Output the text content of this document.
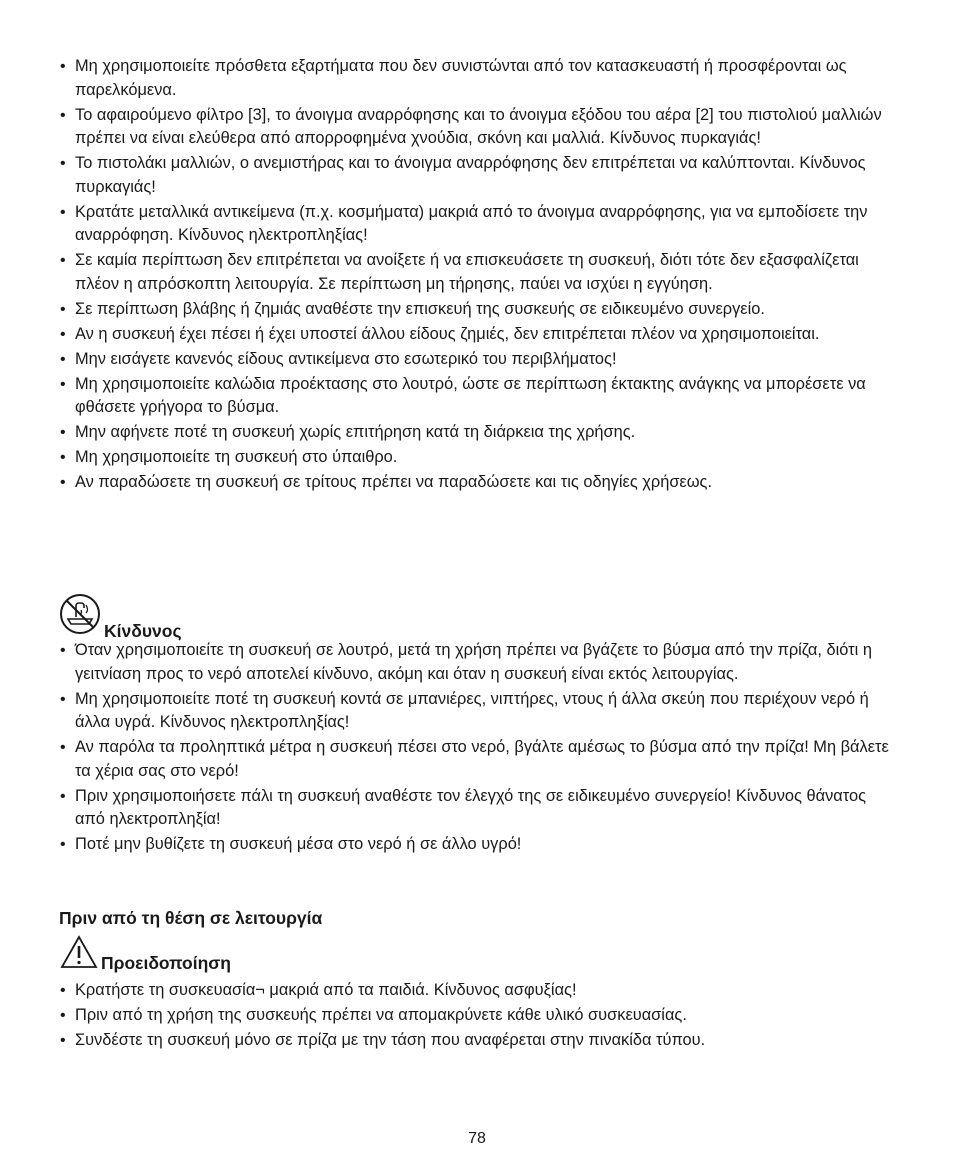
• Μη χρησιμοποιείτε πρόσθετα εξαρτήματα που δεν συνιστώνται από τον κατασκευαστή ή προσφέρονται ως παρελκόμενα.
• Το αφαιρούμενο φίλτρο [3], το άνοιγμα αναρρόφησης και το άνοιγμα εξόδου του αέρα [2] του πιστολιού μαλλιών πρέπει να είναι ελεύθερα από απορροφημένα χνούδια, σκόνη και μαλλιά. Κίνδυνος πυρκαγιάς!
• Το πιστολάκι μαλλιών, ο ανεμιστήρας και το άνοιγμα αναρρόφησης δεν επιτρέπεται να καλύπτονται. Κίνδυνος πυρκαγιάς!
• Κρατάτε μεταλλικά αντικείμενα (π.χ. κοσμήματα) μακριά από το άνοιγμα αναρρόφησης, για να εμποδίσετε την αναρρόφηση. Κίνδυνος ηλεκτροπληξίας!
• Σε καμία περίπτωση δεν επιτρέπεται να ανοίξετε ή να επισκευάσετε τη συσκευή, διότι τότε δεν εξασφαλίζεται πλέον η απρόσκοπτη λειτουργία. Σε περίπτωση μη τήρησης, παύει να ισχύει η εγγύηση.
• Σε περίπτωση βλάβης ή ζημιάς αναθέστε την επισκευή της συσκευής σε ειδικευμένο συνεργείο.
• Αν η συσκευή έχει πέσει ή έχει υποστεί άλλου είδους ζημιές, δεν επιτρέπεται πλέον να χρησιμοποιείται.
• Μην εισάγετε κανενός είδους αντικείμενα στο εσωτερικό του περιβλήματος!
• Μη χρησιμοποιείτε καλώδια προέκτασης στο λουτρό, ώστε σε περίπτωση έκτακτης ανάγκης να μπορέσετε να φθάσετε γρήγορα το βύσμα.
• Μην αφήνετε ποτέ τη συσκευή χωρίς επιτήρηση κατά τη διάρκεια της χρήσης.
• Μη χρησιμοποιείτε τη συσκευή στο ύπαιθρο.
• Αν παραδώσετε τη συσκευή σε τρίτους πρέπει να παραδώσετε και τις οδηγίες χρήσεως.
Κίνδυνος
• Όταν χρησιμοποιείτε τη συσκευή σε λουτρό, μετά τη χρήση πρέπει να βγάζετε το βύσμα από την πρίζα, διότι η γειτνίαση προς το νερό αποτελεί κίνδυνο, ακόμη και όταν η συσκευή είναι εκτός λειτουργίας.
• Μη χρησιμοποιείτε ποτέ τη συσκευή κοντά σε μπανιέρες, νιπτήρες, ντους ή άλλα σκεύη που περιέχουν νερό ή άλλα υγρά. Κίνδυνος ηλεκτροπληξίας!
• Αν παρόλα τα προληπτικά μέτρα η συσκευή πέσει στο νερό, βγάλτε αμέσως το βύσμα από την πρίζα! Μη βάλετε τα χέρια σας στο νερό!
• Πριν χρησιμοποιήσετε πάλι τη συσκευή αναθέστε τον έλεγχό της σε ειδικευμένο συνεργείο! Κίνδυνος θάνατος από ηλεκτροπληξία!
• Ποτέ μην βυθίζετε τη συσκευή μέσα στο νερό ή σε άλλο υγρό!
Πριν από τη θέση σε λειτουργία
Προειδοποίηση
• Κρατήστε τη συσκευασία¬ μακριά από τα παιδιά. Κίνδυνος ασφυξίας!
• Πριν από τη χρήση της συσκευής πρέπει να απομακρύνετε κάθε υλικό συσκευασίας.
• Συνδέστε τη συσκευή μόνο σε πρίζα με την τάση που αναφέρεται στην πινακίδα τύπου.
78
